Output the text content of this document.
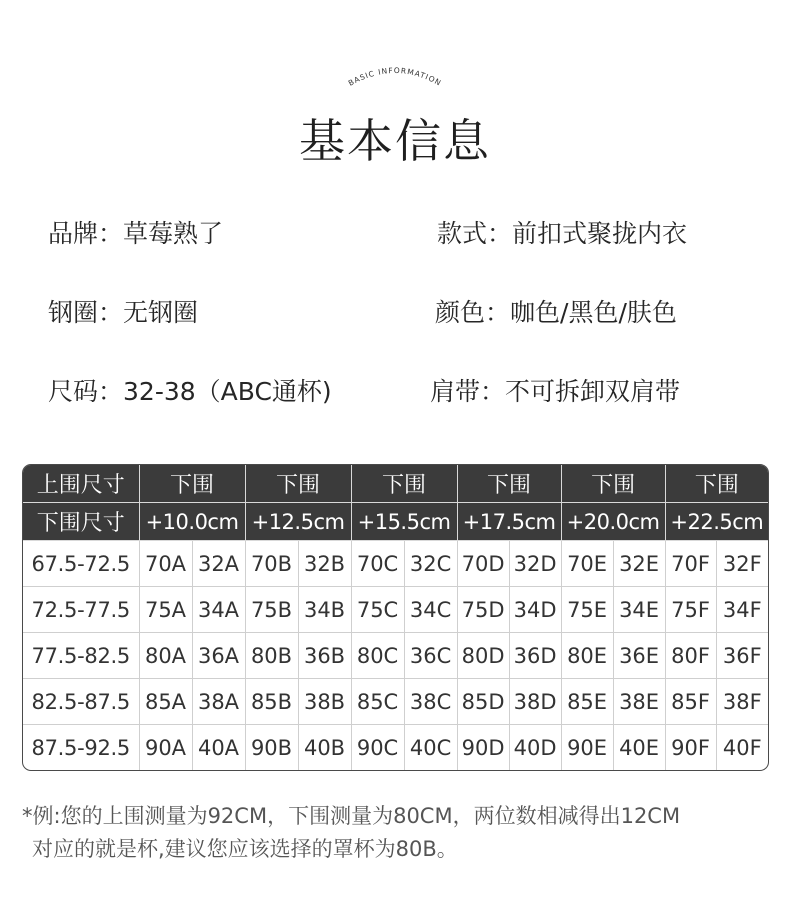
BASIC INFORMATION
基本信息
品牌：草莓熟了	款式：前扣式聚拢内衣
钢圈：无钢圈	颜色：咖色/黑色/肤色
尺码：32-38（ABC通杯)	肩带：不可拆卸双肩带
上围尺寸	下围		下围		下围		下围		下围		下围	
下围尺寸	+10.0cm		+12.5cm		+15.5cm		+17.5cm		+20.0cm		+22.5cm	
67.5-72.5	70A	32A	70B	32B	70C	32C	70D	32D	70E	32E	70F	32F
72.5-77.5	75A	34A	75B	34B	75C	34C	75D	34D	75E	34E	75F	34F
77.5-82.5	80A	36A	80B	36B	80C	36C	80D	36D	80E	36E	80F	36F
82.5-87.5	85A	38A	85B	38B	85C	38C	85D	38D	85E	38E	85F	38F
87.5-92.5	90A	40A	90B	40B	90C	40C	90D	40D	90E	40E	90F	40F
*例:您的上围测量为92CM，下围测量为80CM，两位数相减得出12CM
对应的就是杯,建议您应该选择的罩杯为80B。
